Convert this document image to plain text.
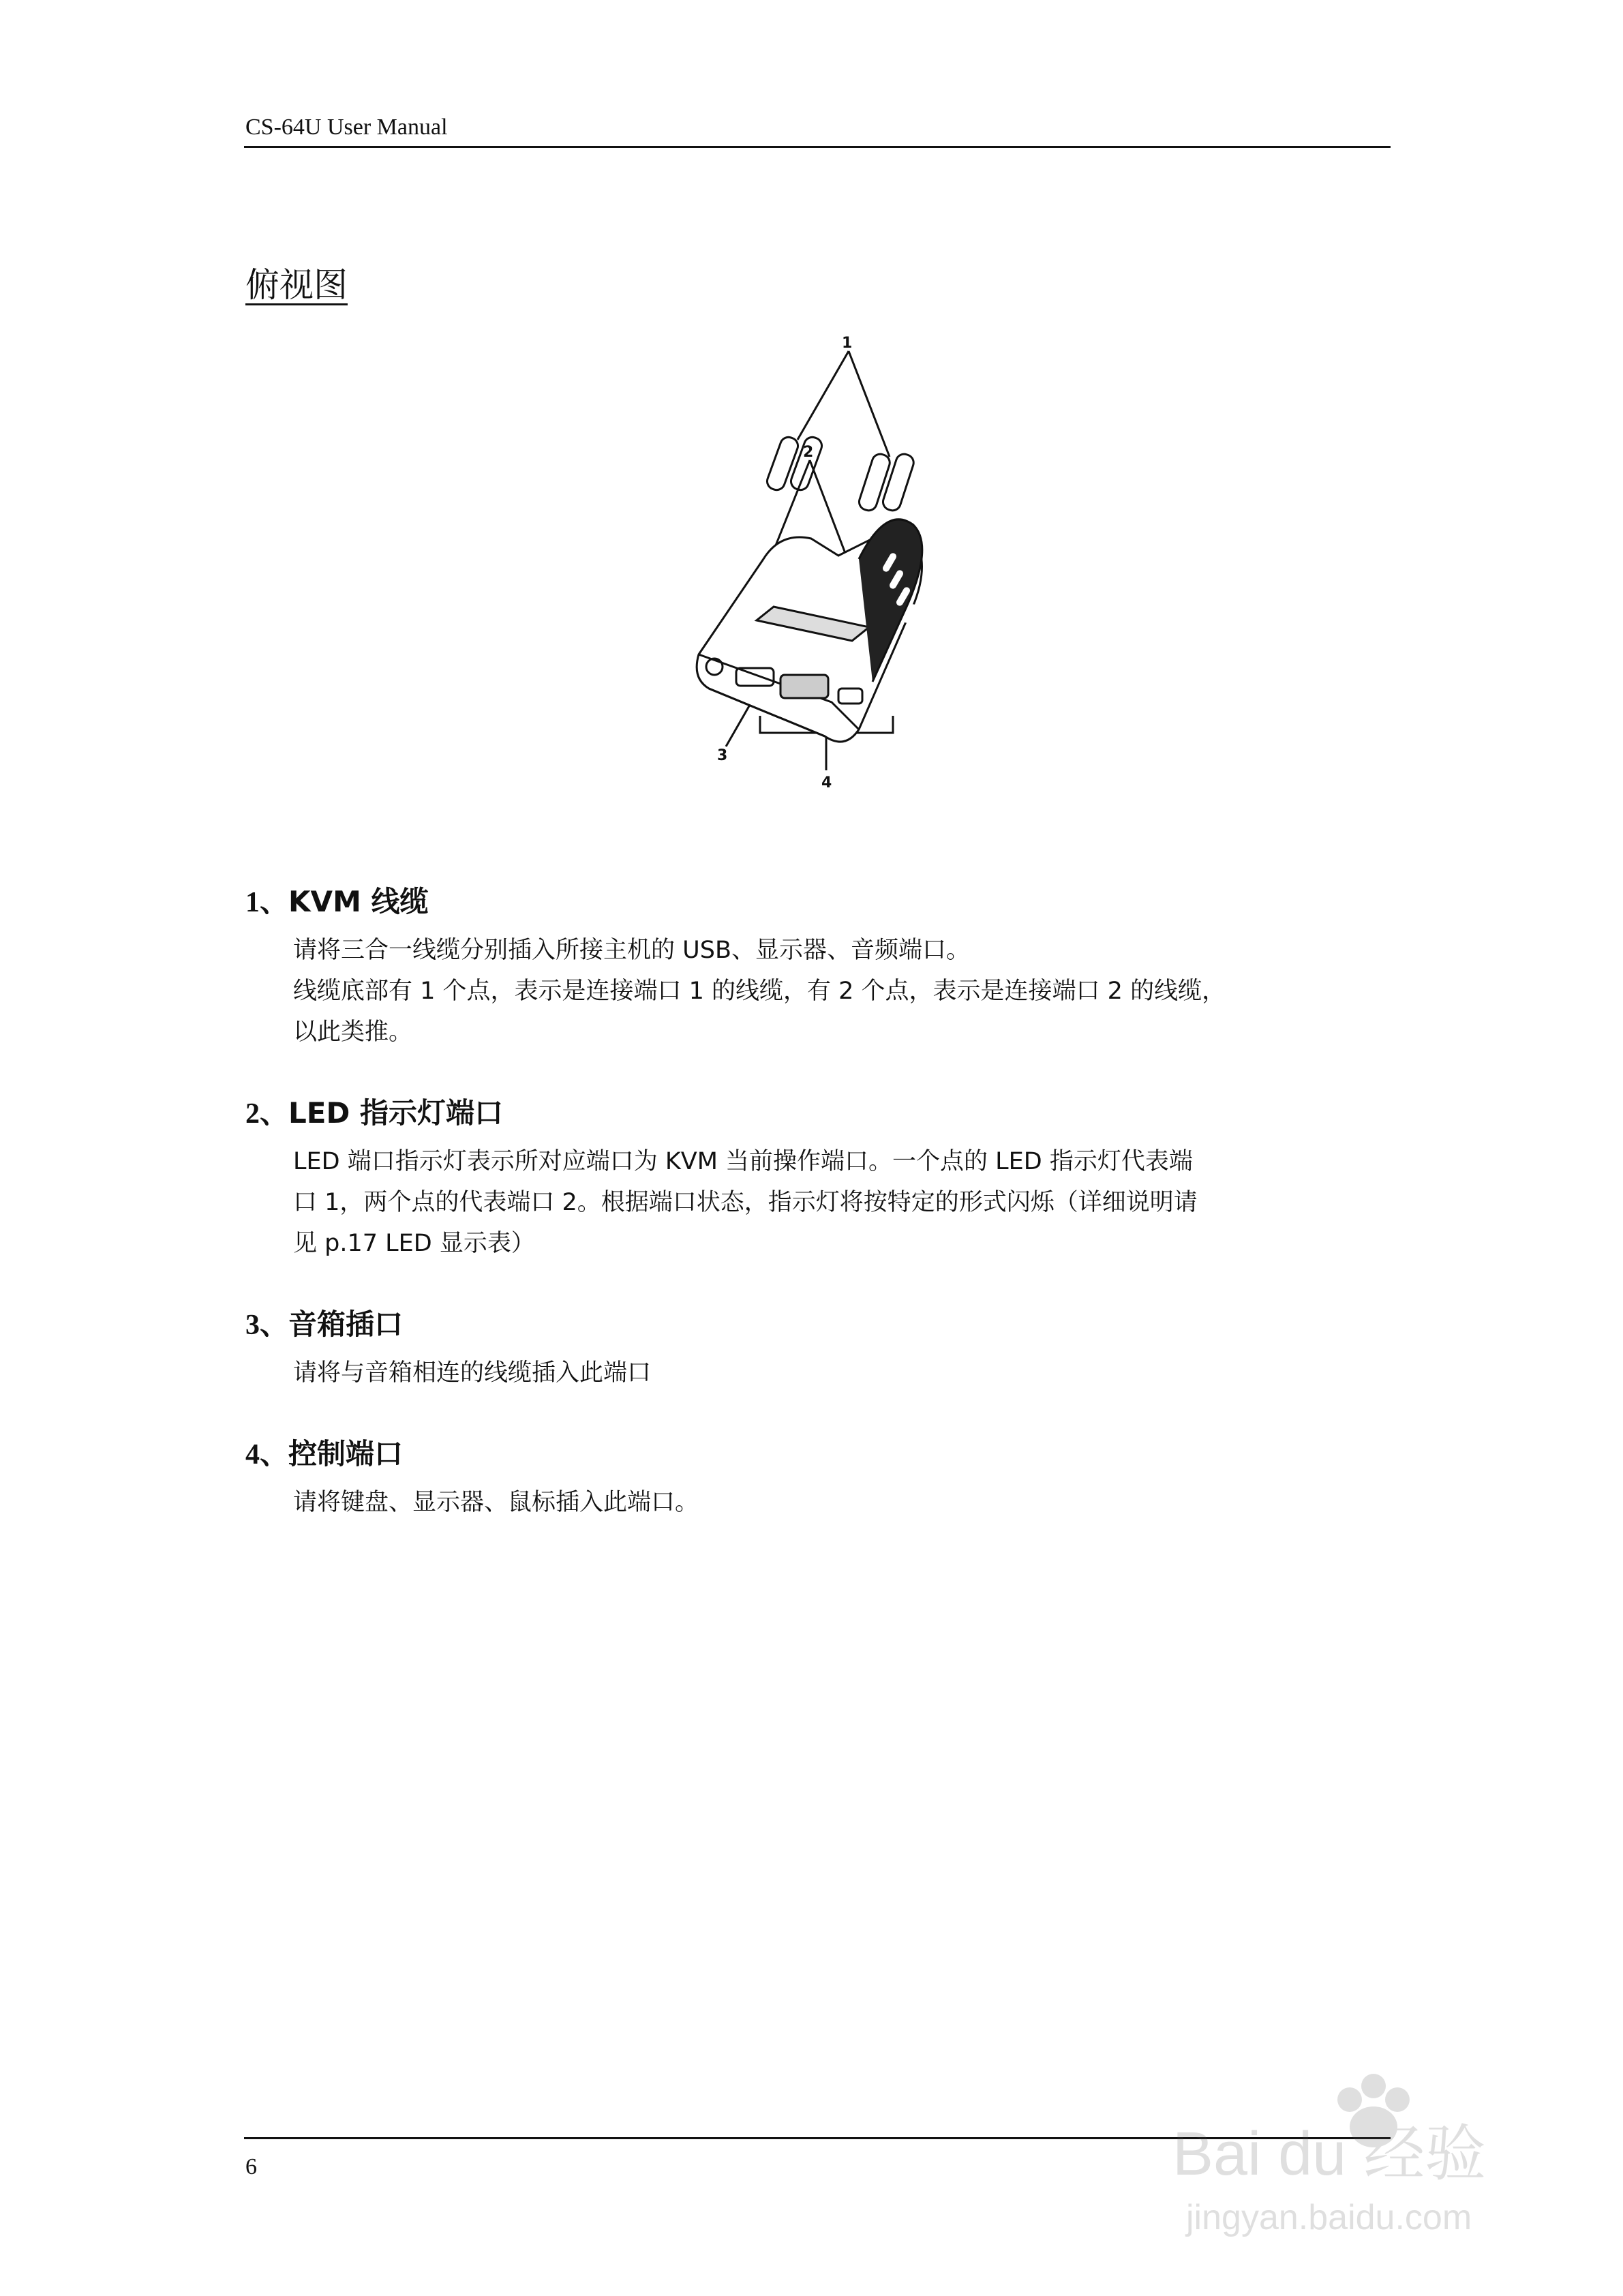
CS-64U User Manual
俯视图
1
2
3
4

1、KVM 线缆

请将三合一线缆分别插入所接主机的 USB、显示器、音频端口。

线缆底部有 1 个点，表示是连接端口 1 的线缆，有 2 个点，表示是连接端口 2 的线缆，

以此类推。

2、LED 指示灯端口

LED 端口指示灯表示所对应端口为 KVM 当前操作端口。一个点的 LED 指示灯代表端

口 1，两个点的代表端口 2。根据端口状态，指示灯将按特定的形式闪烁（详细说明请

见 p.17 LED 显示表）

3、音箱插口

请将与音箱相连的线缆插入此端口

4、控制端口

请将键盘、显示器、鼠标插入此端口。

6	Bai du 经验
jingyan.baidu.com
